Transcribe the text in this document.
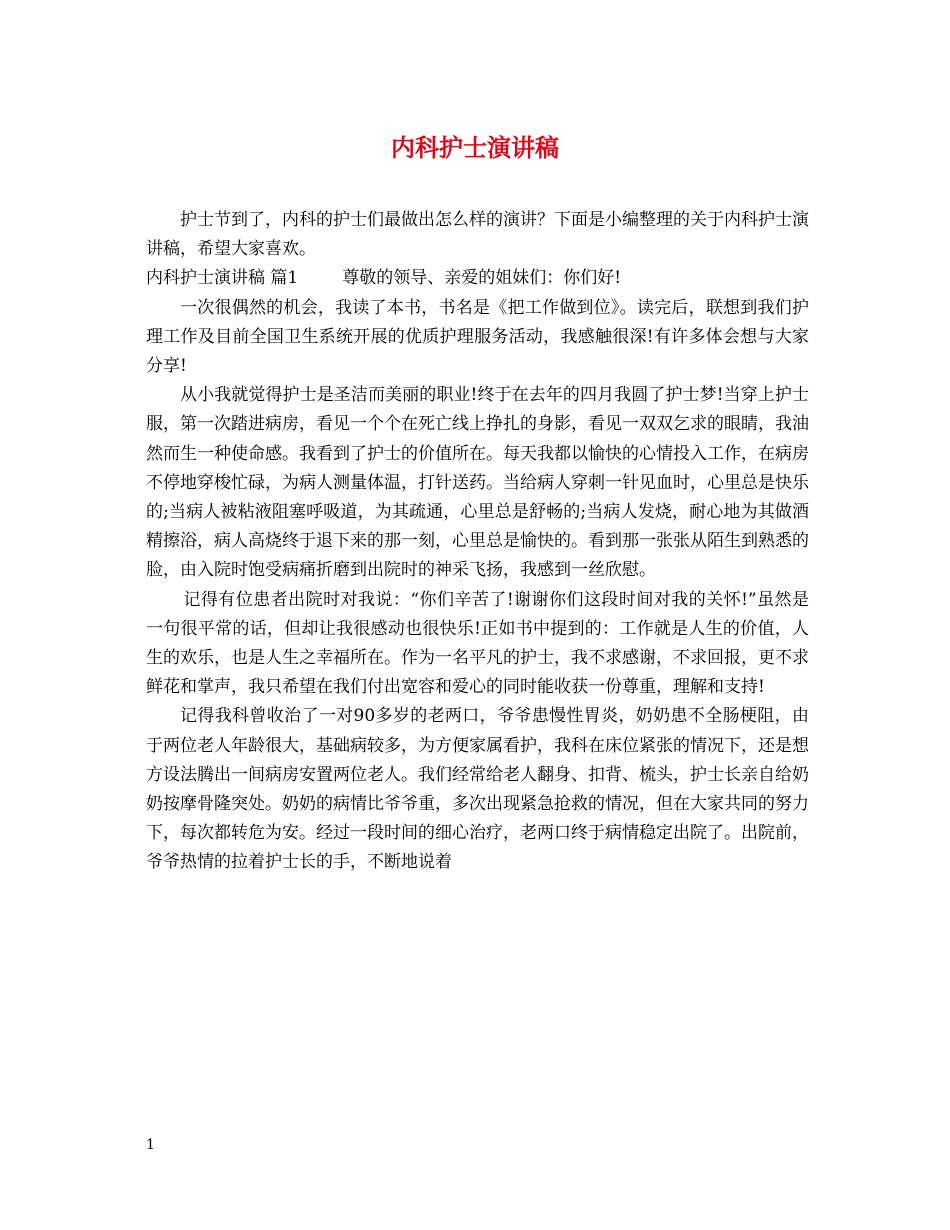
内科护士演讲稿

护士节到了，内科的护士们最做出怎么样的演讲？下面是小编整理的关于内科护士演讲稿，希望大家喜欢。

内科护士演讲稿 篇1	尊敬的领导、亲爱的姐妹们：你们好!

一次很偶然的机会，我读了本书，书名是《把工作做到位》。读完后，联想到我们护理工作及目前全国卫生系统开展的优质护理服务活动，我感触很深!有许多体会想与大家分享!

从小我就觉得护士是圣洁而美丽的职业!终于在去年的四月我圆了护士梦!当穿上护士服，第一次踏进病房，看见一个个在死亡线上挣扎的身影，看见一双双乞求的眼睛，我油然而生一种使命感。我看到了护士的价值所在。每天我都以愉快的心情投入工作，在病房不停地穿梭忙碌，为病人测量体温，打针送药。当给病人穿刺一针见血时，心里总是快乐的;当病人被粘液阻塞呼吸道，为其疏通，心里总是舒畅的;当病人发烧，耐心地为其做酒精擦浴，病人高烧终于退下来的那一刻，心里总是愉快的。看到那一张张从陌生到熟悉的脸，由入院时饱受病痛折磨到出院时的神采飞扬，我感到一丝欣慰。

记得有位患者出院时对我说：“你们辛苦了!谢谢你们这段时间对我的关怀!”虽然是一句很平常的话，但却让我很感动也很快乐!正如书中提到的：工作就是人生的价值，人生的欢乐，也是人生之幸福所在。作为一名平凡的护士，我不求感谢，不求回报，更不求鲜花和掌声，我只希望在我们付出宽容和爱心的同时能收获一份尊重，理解和支持!

记得我科曾收治了一对90多岁的老两口，爷爷患慢性胃炎，奶奶患不全肠梗阻，由于两位老人年龄很大，基础病较多，为方便家属看护，我科在床位紧张的情况下，还是想方设法腾出一间病房安置两位老人。我们经常给老人翻身、扣背、梳头，护士长亲自给奶奶按摩骨隆突处。奶奶的病情比爷爷重，多次出现紧急抢救的情况，但在大家共同的努力下，每次都转危为安。经过一段时间的细心治疗，老两口终于病情稳定出院了。出院前，爷爷热情的拉着护士长的手，不断地说着

1
